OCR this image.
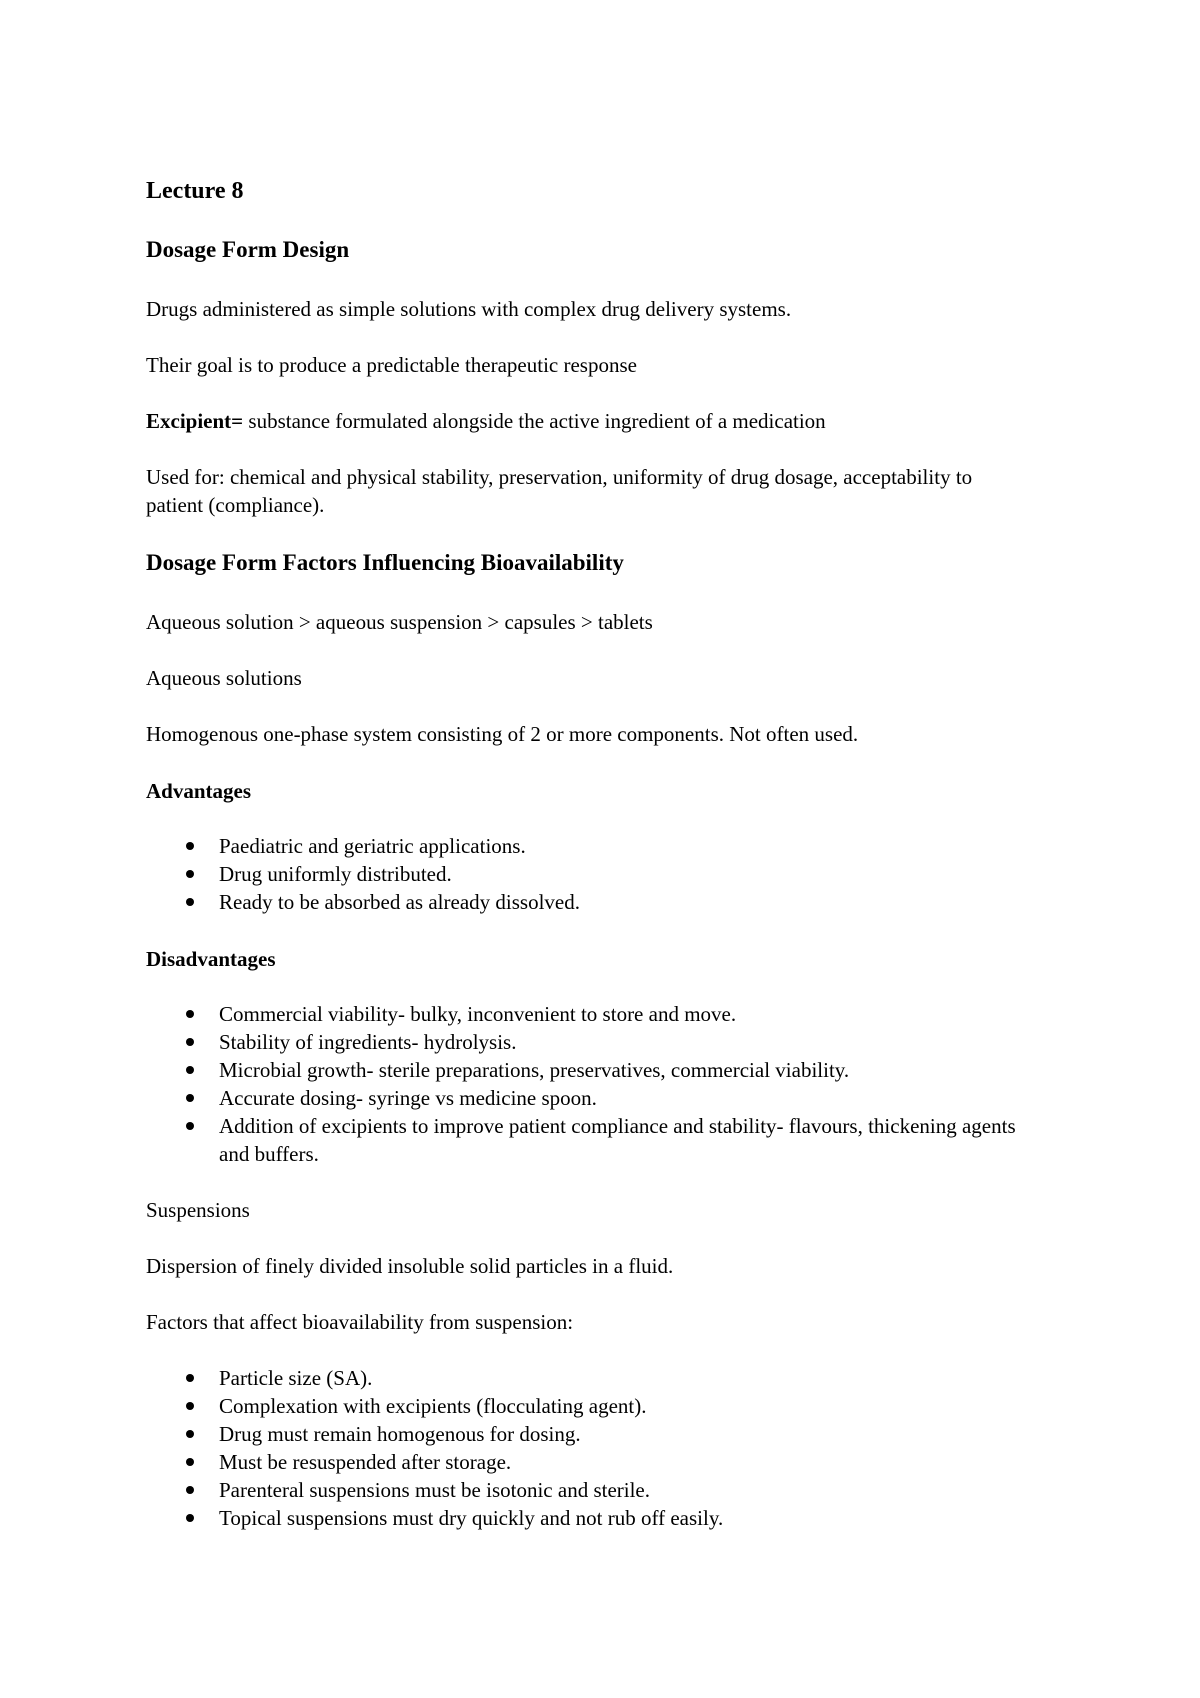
Lecture 8
Dosage Form Design

Drugs administered as simple solutions with complex drug delivery systems.

Their goal is to produce a predictable therapeutic response

Excipient= substance formulated alongside the active ingredient of a medication

Used for: chemical and physical stability, preservation, uniformity of drug dosage, acceptability to patient (compliance).

Dosage Form Factors Influencing Bioavailability

Aqueous solution > aqueous suspension > capsules > tablets

Aqueous solutions

Homogenous one-phase system consisting of 2 or more components. Not often used.

Advantages
Paediatric and geriatric applications.
Drug uniformly distributed.
Ready to be absorbed as already dissolved.
Disadvantages
Commercial viability- bulky, inconvenient to store and move.
Stability of ingredients- hydrolysis.
Microbial growth- sterile preparations, preservatives, commercial viability.
Accurate dosing- syringe vs medicine spoon.
Addition of excipients to improve patient compliance and stability- flavours, thickening agents and buffers.

Suspensions

Dispersion of finely divided insoluble solid particles in a fluid.

Factors that affect bioavailability from suspension:

Particle size (SA).
Complexation with excipients (flocculating agent).
Drug must remain homogenous for dosing.
Must be resuspended after storage.
Parenteral suspensions must be isotonic and sterile.
Topical suspensions must dry quickly and not rub off easily.
